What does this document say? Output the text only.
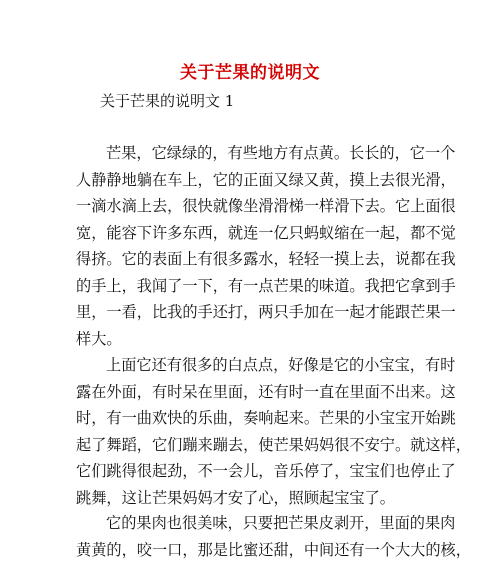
关于芒果的说明文
关于芒果的说明文 1
芒果，它绿绿的，有些地方有点黄。长长的，它一个
人静静地躺在车上，它的正面又绿又黄，摸上去很光滑，
一滴水滴上去，很快就像坐滑滑梯一样滑下去。它上面很
宽，能容下许多东西，就连一亿只蚂蚁缩在一起，都不觉
得挤。它的表面上有很多露水，轻轻一摸上去，说都在我
的手上，我闻了一下，有一点芒果的味道。我把它拿到手
里，一看，比我的手还打，两只手加在一起才能跟芒果一
样大。
上面它还有很多的白点点，好像是它的小宝宝，有时
露在外面，有时呆在里面，还有时一直在里面不出来。这
时，有一曲欢快的乐曲，奏响起来。芒果的小宝宝开始跳
起了舞蹈，它们蹦来蹦去，使芒果妈妈很不安宁。就这样，
它们跳得很起劲，不一会儿，音乐停了，宝宝们也停止了
跳舞，这让芒果妈妈才安了心，照顾起宝宝了。
它的果肉也很美味，只要把芒果皮剥开，里面的果肉
黄黄的，咬一口，那是比蜜还甜，中间还有一个大大的核，
